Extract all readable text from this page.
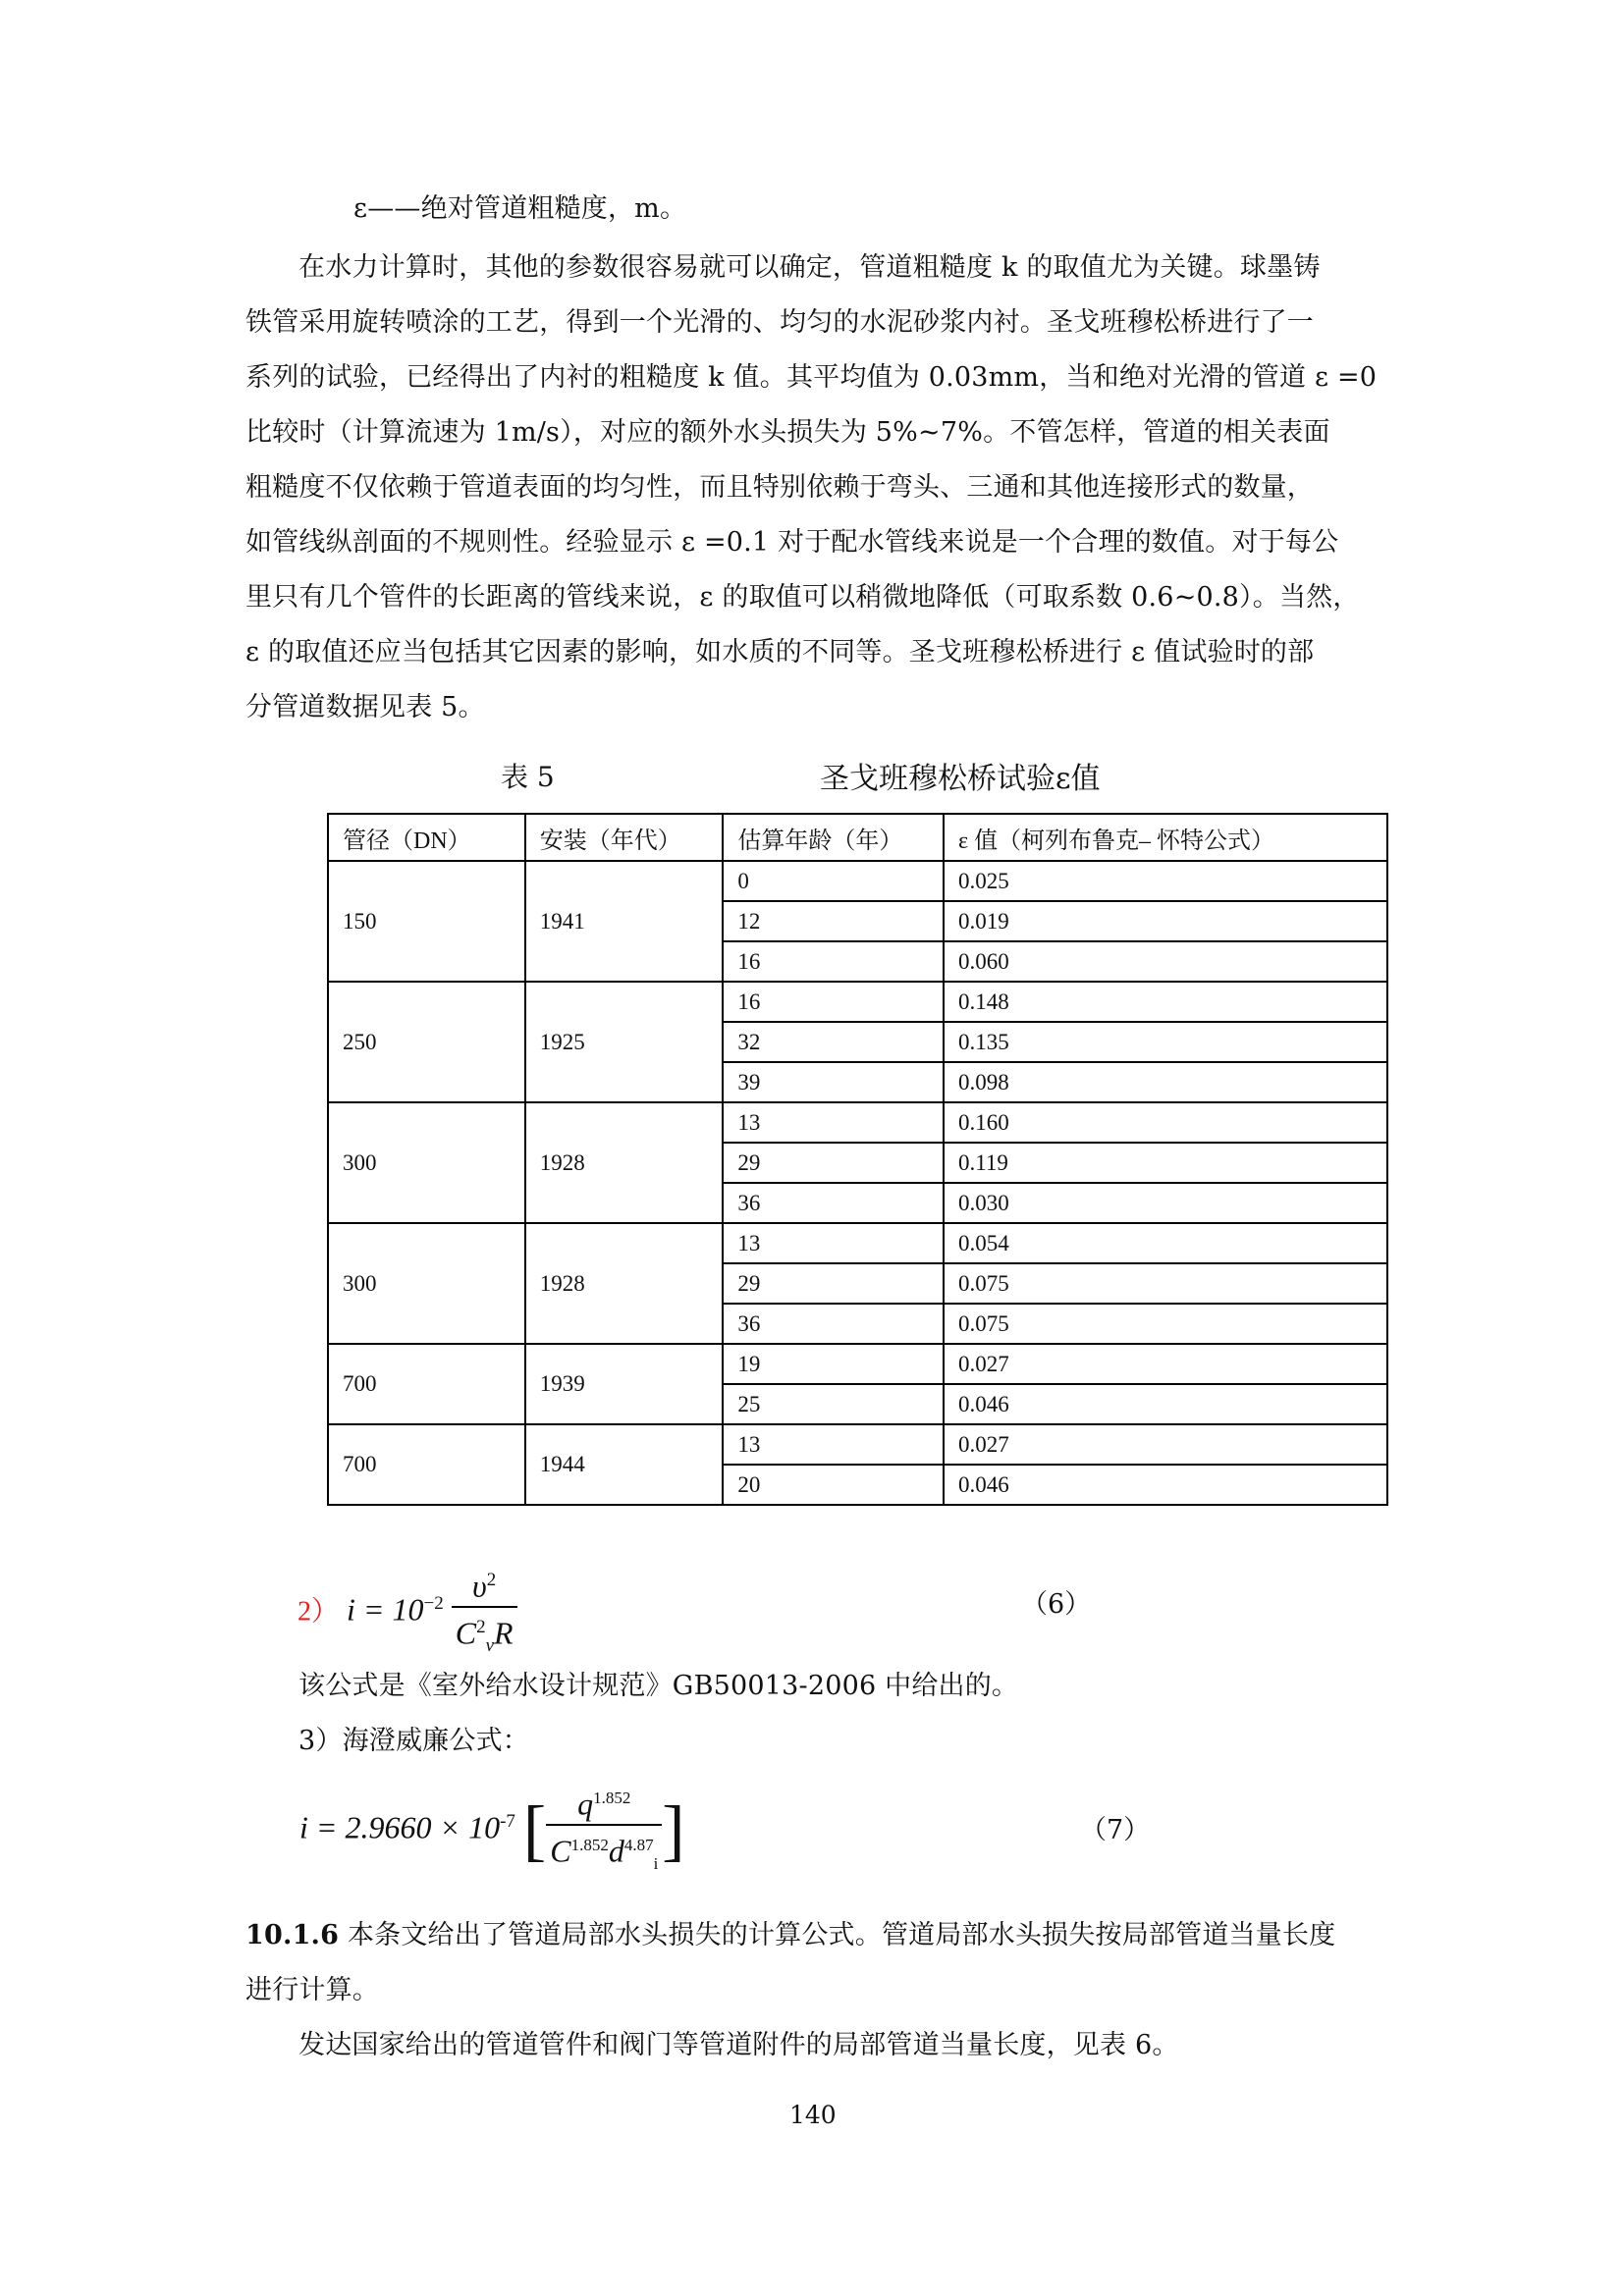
ε——绝对管道粗糙度，m。
在水力计算时，其他的参数很容易就可以确定，管道粗糙度 k 的取值尤为关键。球墨铸
铁管采用旋转喷涂的工艺，得到一个光滑的、均匀的水泥砂浆内衬。圣戈班穆松桥进行了一
系列的试验，已经得出了内衬的粗糙度 k 值。其平均值为 0.03mm，当和绝对光滑的管道 ε =0
比较时（计算流速为 1m/s），对应的额外水头损失为 5%~7%。不管怎样，管道的相关表面
粗糙度不仅依赖于管道表面的均匀性，而且特别依赖于弯头、三通和其他连接形式的数量，
如管线纵剖面的不规则性。经验显示 ε =0.1 对于配水管线来说是一个合理的数值。对于每公
里只有几个管件的长距离的管线来说，ε 的取值可以稍微地降低（可取系数 0.6~0.8）。当然，
ε 的取值还应当包括其它因素的影响，如水质的不同等。圣戈班穆松桥进行 ε 值试验时的部
分管道数据见表 5。
表 5	圣戈班穆松桥试验ε值
管径（DN）	安装（年代）	估算年龄（年）	ε 值（柯列布鲁克– 怀特公式）
150	1941	0	0.025
		12	0.019
		16	0.060
250	1925	16	0.148
		32	0.135
		39	0.098
300	1928	13	0.160
		29	0.119
		36	0.030
300	1928	13	0.054
		29	0.075
		36	0.075
700	1939	19	0.027
		25	0.046
700	1944	13	0.027
		20	0.046
2） $i = 10^{-2} \frac{\upsilon^2}{C^2_vR}$	（6）
该公式是《室外给水设计规范》GB50013-2006 中给出的。
3）海澄威廉公式：
$i = 2.9660 \times 10^{-7}$ [ $\frac{q^{1.852}}{C^{1.852}d^{4.87}_i}$ ]	（7）
10.1.6 本条文给出了管道局部水头损失的计算公式。管道局部水头损失按局部管道当量长度
进行计算。
发达国家给出的管道管件和阀门等管道附件的局部管道当量长度，见表 6。
140
